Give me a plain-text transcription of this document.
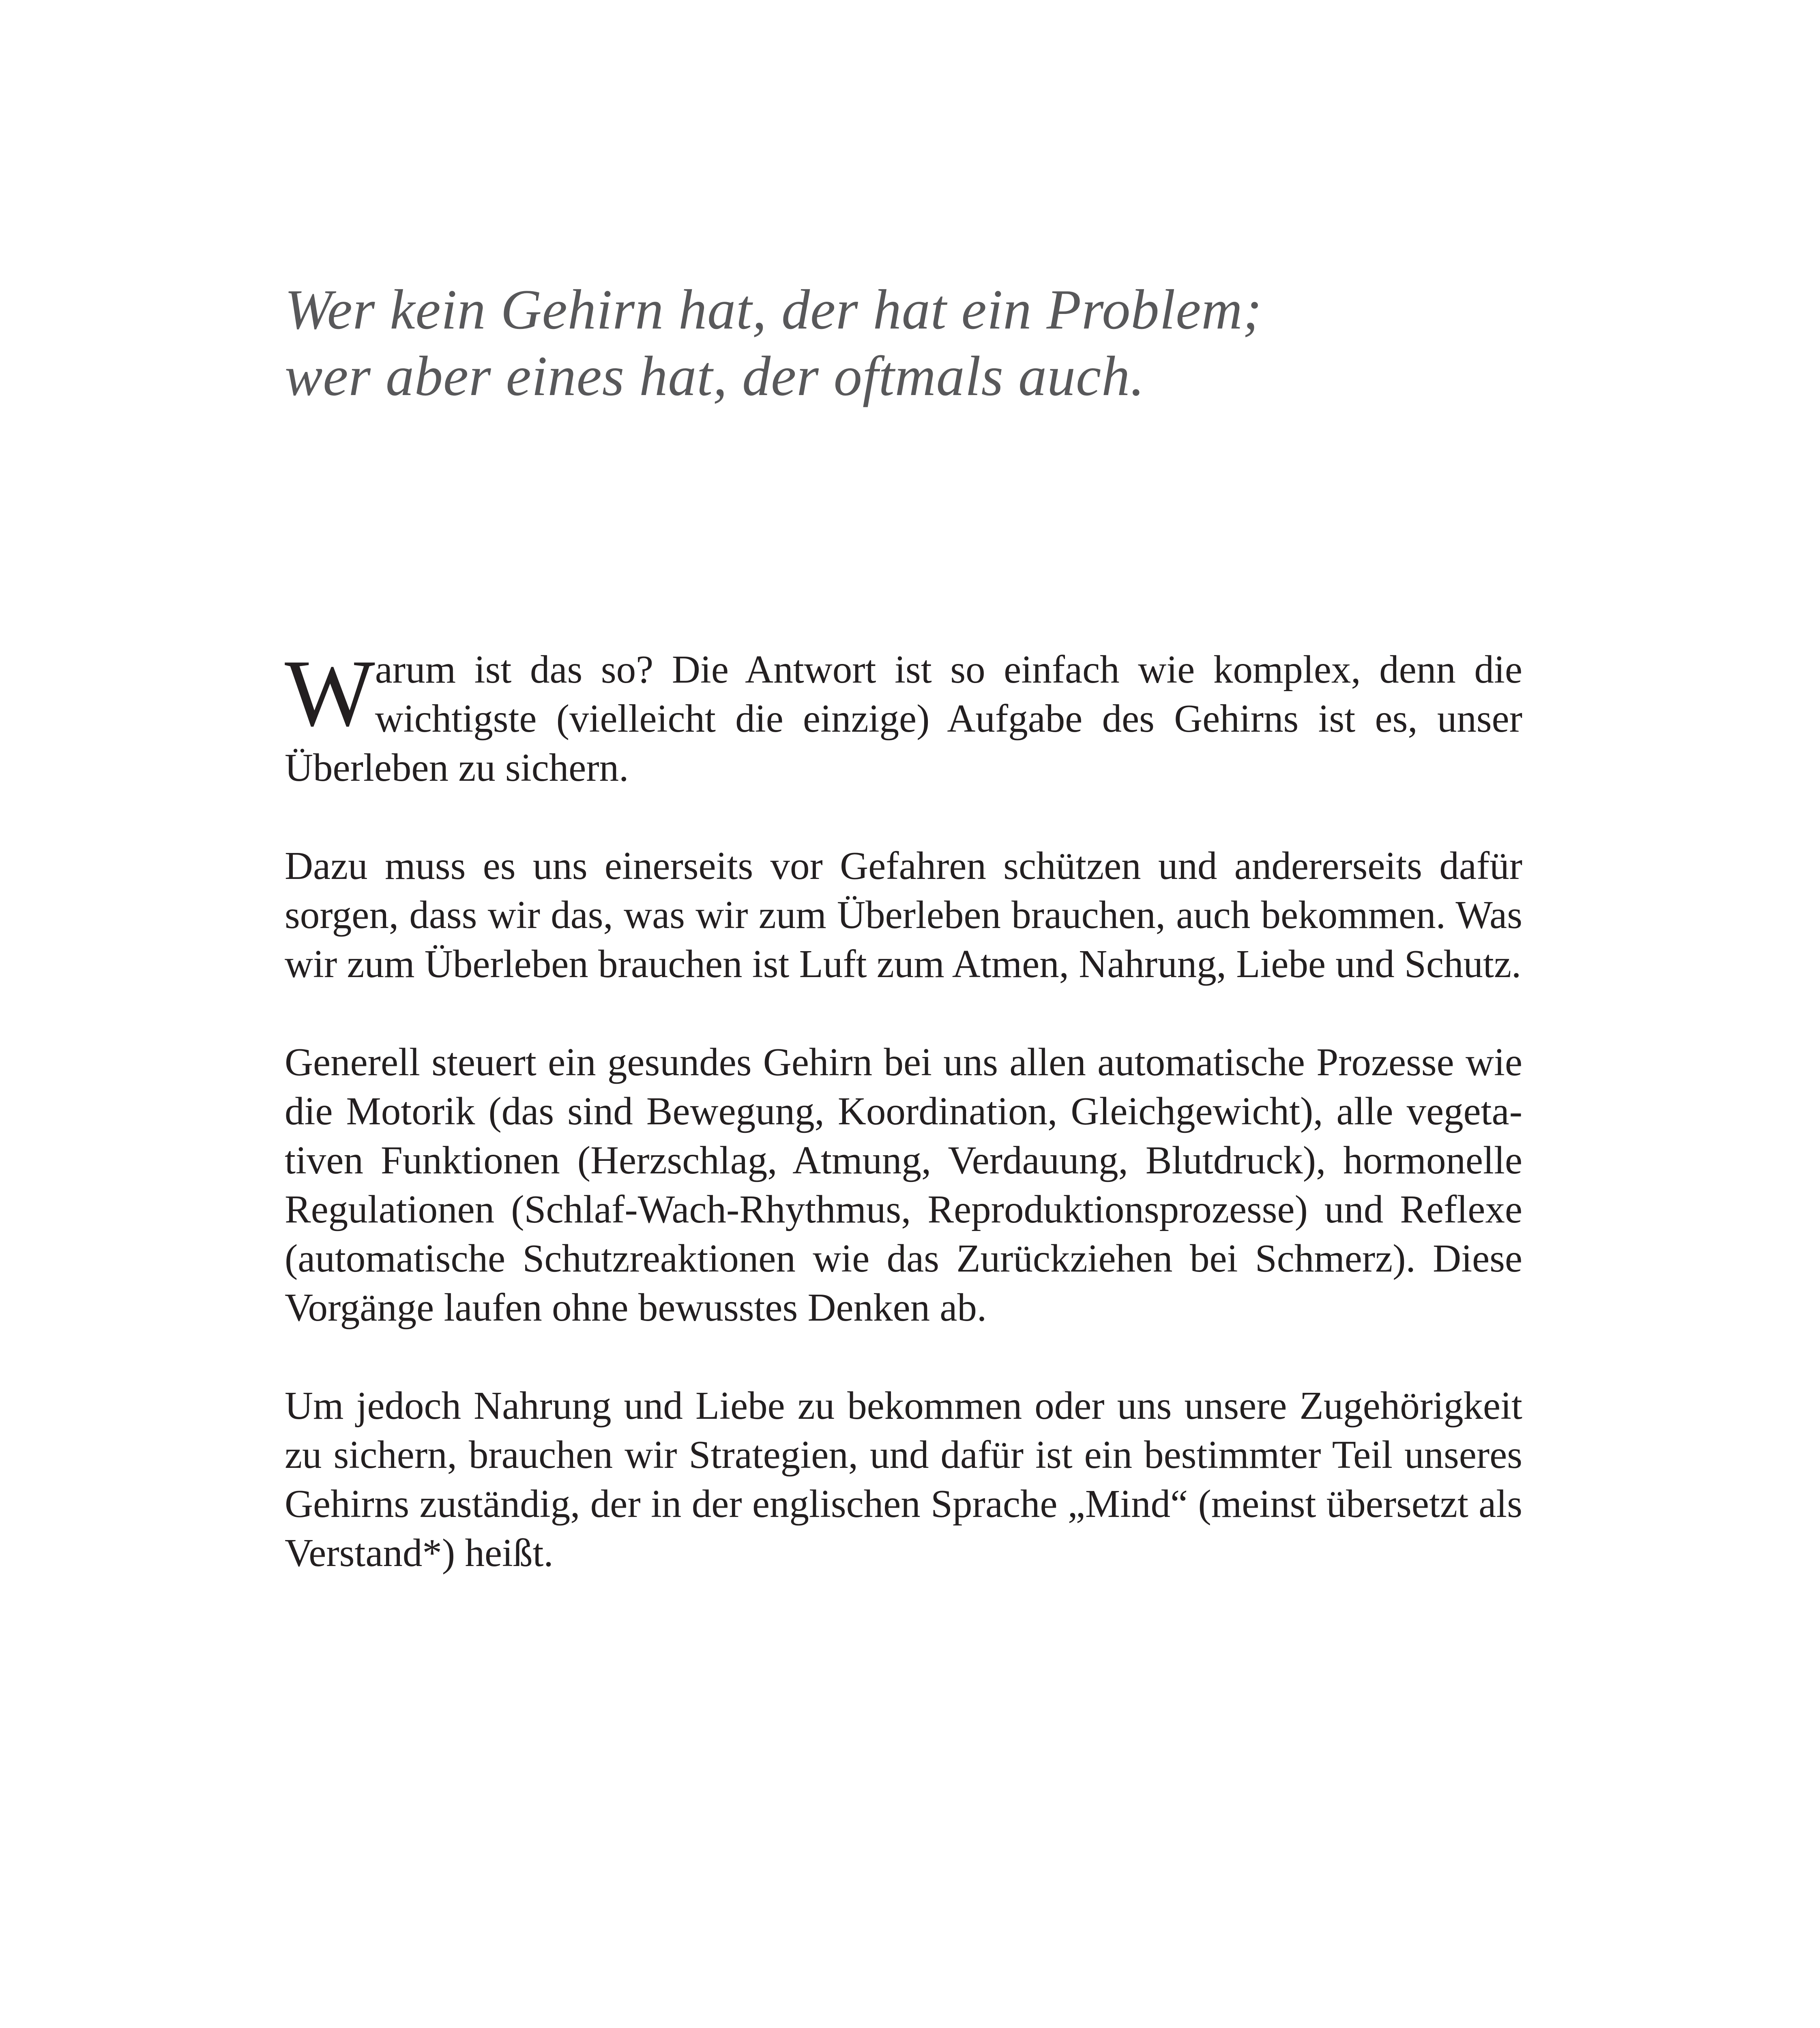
Wer kein Gehirn hat, der hat ein Problem;
wer aber eines hat, der oftmals auch.

Warum ist das so? Die Antwort ist so einfach wie komplex, denn die wichtigste (vielleicht die einzige) Aufgabe des Gehirns ist es, unser Überleben zu sichern.

Dazu muss es uns einerseits vor Gefahren schützen und andererseits dafür sorgen, dass wir das, was wir zum Überleben brauchen, auch bekommen. Was wir zum Überleben brauchen ist Luft zum Atmen, Nahrung, Liebe und Schutz.

Generell steuert ein gesundes Gehirn bei uns allen automatische Prozesse wie die Motorik (das sind Bewegung, Koordination, Gleichgewicht), alle vegetativen Funktionen (Herzschlag, Atmung, Verdauung, Blutdruck), hormonelle Regulationen (Schlaf-Wach-Rhythmus, Reproduktionsprozesse) und Reflexe (automatische Schutzreaktionen wie das Zurückziehen bei Schmerz). Diese Vorgänge laufen ohne bewusstes Denken ab.

Um jedoch Nahrung und Liebe zu bekommen oder uns unsere Zugehörigkeit zu sichern, brauchen wir Strategien, und dafür ist ein bestimmter Teil unseres Gehirns zuständig, der in der englischen Sprache „Mind“ (meinst übersetzt als Verstand*) heißt.
